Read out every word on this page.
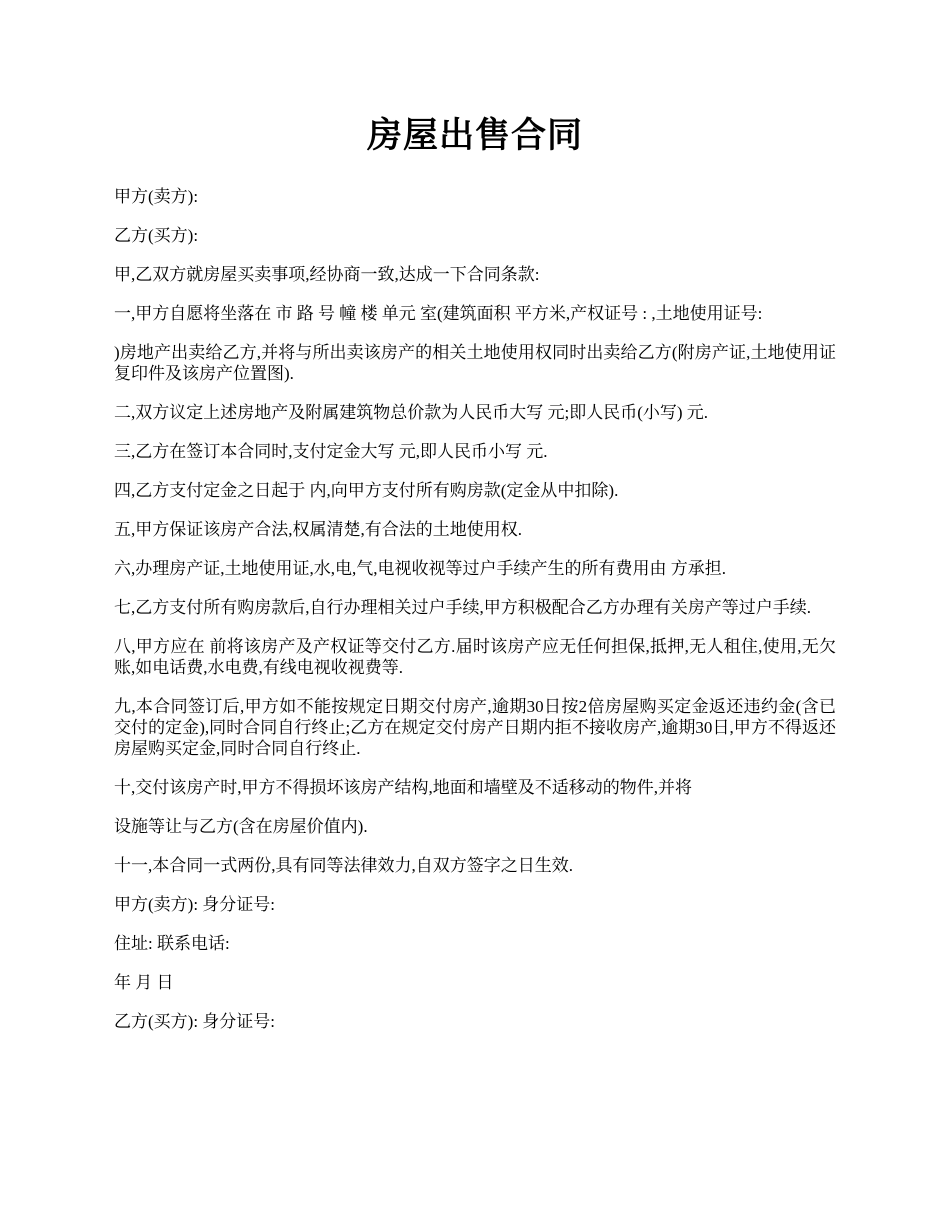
房屋出售合同

甲方(卖方):

乙方(买方):

甲,乙双方就房屋买卖事项,经协商一致,达成一下合同条款:

一,甲方自愿将坐落在 市 路 号 幢 楼 单元 室(建筑面积 平方米,产权证号 : ,土地使用证号:

)房地产出卖给乙方,并将与所出卖该房产的相关土地使用权同时出卖给乙方(附房产证,土地使用证复印件及该房产位置图).

二,双方议定上述房地产及附属建筑物总价款为人民币大写 元;即人民币(小写) 元.

三,乙方在签订本合同时,支付定金大写 元,即人民币小写 元.

四,乙方支付定金之日起于 内,向甲方支付所有购房款(定金从中扣除).

五,甲方保证该房产合法,权属清楚,有合法的土地使用权.

六,办理房产证,土地使用证,水,电,气,电视收视等过户手续产生的所有费用由 方承担.

七,乙方支付所有购房款后,自行办理相关过户手续,甲方积极配合乙方办理有关房产等过户手续.

八,甲方应在 前将该房产及产权证等交付乙方.届时该房产应无任何担保,抵押,无人租住,使用,无欠账,如电话费,水电费,有线电视收视费等.

九,本合同签订后,甲方如不能按规定日期交付房产,逾期30日按2倍房屋购买定金返还违约金(含已交付的定金),同时合同自行终止;乙方在规定交付房产日期内拒不接收房产,逾期30日,甲方不得返还房屋购买定金,同时合同自行终止.

十,交付该房产时,甲方不得损坏该房产结构,地面和墙壁及不适移动的物件,并将

设施等让与乙方(含在房屋价值内).

十一,本合同一式两份,具有同等法律效力,自双方签字之日生效.

甲方(卖方): 身分证号:

住址: 联系电话:

年 月 日

乙方(买方): 身分证号:
